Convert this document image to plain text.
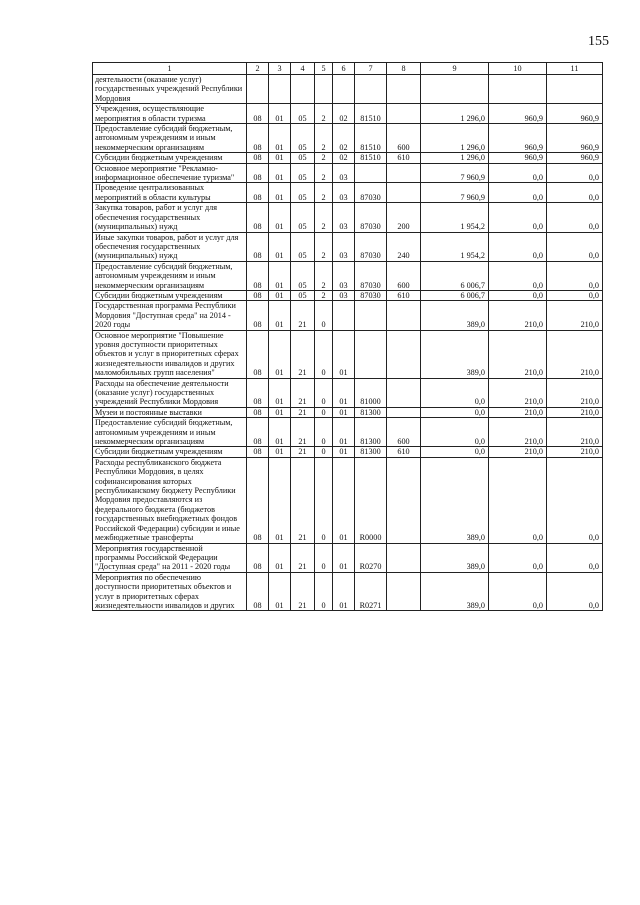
155
1	2	3	4	5	6	7	8	9	10	11
деятельности (оказание услуг) государственных учреждений Республики Мордовия										
Учреждения, осуществляющие мероприятия в области туризма	08	01	05	2	02	81510		1 296,0	960,9	960,9
Предоставление субсидий бюджетным, автономным учреждениям и иным некоммерческим организациям	08	01	05	2	02	81510	600	1 296,0	960,9	960,9
Субсидии бюджетным учреждениям	08	01	05	2	02	81510	610	1 296,0	960,9	960,9
Основное мероприятие "Рекламно-информационное обеспечение туризма"	08	01	05	2	03			7 960,9	0,0	0,0
Проведение централизованных мероприятий в области культуры	08	01	05	2	03	87030		7 960,9	0,0	0,0
Закупка товаров, работ и услуг для обеспечения государственных (муниципальных) нужд	08	01	05	2	03	87030	200	1 954,2	0,0	0,0
Иные закупки товаров, работ и услуг для обеспечения государственных (муниципальных) нужд	08	01	05	2	03	87030	240	1 954,2	0,0	0,0
Предоставление субсидий бюджетным, автономным учреждениям и иным некоммерческим организациям	08	01	05	2	03	87030	600	6 006,7	0,0	0,0
Субсидии бюджетным учреждениям	08	01	05	2	03	87030	610	6 006,7	0,0	0,0
Государственная программа Республики Мордовия "Доступная среда" на 2014 - 2020 годы	08	01	21	0				389,0	210,0	210,0
Основное мероприятие "Повышение уровня доступности приоритетных объектов и услуг в приоритетных сферах жизнедеятельности инвалидов и других маломобильных групп населения"	08	01	21	0	01			389,0	210,0	210,0
Расходы на обеспечение деятельности (оказание услуг) государственных учреждений Республики Мордовия	08	01	21	0	01	81000		0,0	210,0	210,0
Музеи и постоянные выставки	08	01	21	0	01	81300		0,0	210,0	210,0
Предоставление субсидий бюджетным, автономным учреждениям и иным некоммерческим организациям	08	01	21	0	01	81300	600	0,0	210,0	210,0
Субсидии бюджетным учреждениям	08	01	21	0	01	81300	610	0,0	210,0	210,0
Расходы республиканского бюджета Республики Мордовия, в целях софинансирования которых республиканскому бюджету Республики Мордовия предоставляются из федерального бюджета (бюджетов государственных внебюджетных фондов Российской Федерации) субсидии и иные межбюджетные трансферты	08	01	21	0	01	R0000		389,0	0,0	0,0
Мероприятия государственной программы Российской Федерации "Доступная среда" на 2011 - 2020 годы	08	01	21	0	01	R0270		389,0	0,0	0,0
Мероприятия по обеспечению доступности приоритетных объектов и услуг в приоритетных сферах жизнедеятельности инвалидов и других	08	01	21	0	01	R0271		389,0	0,0	0,0
